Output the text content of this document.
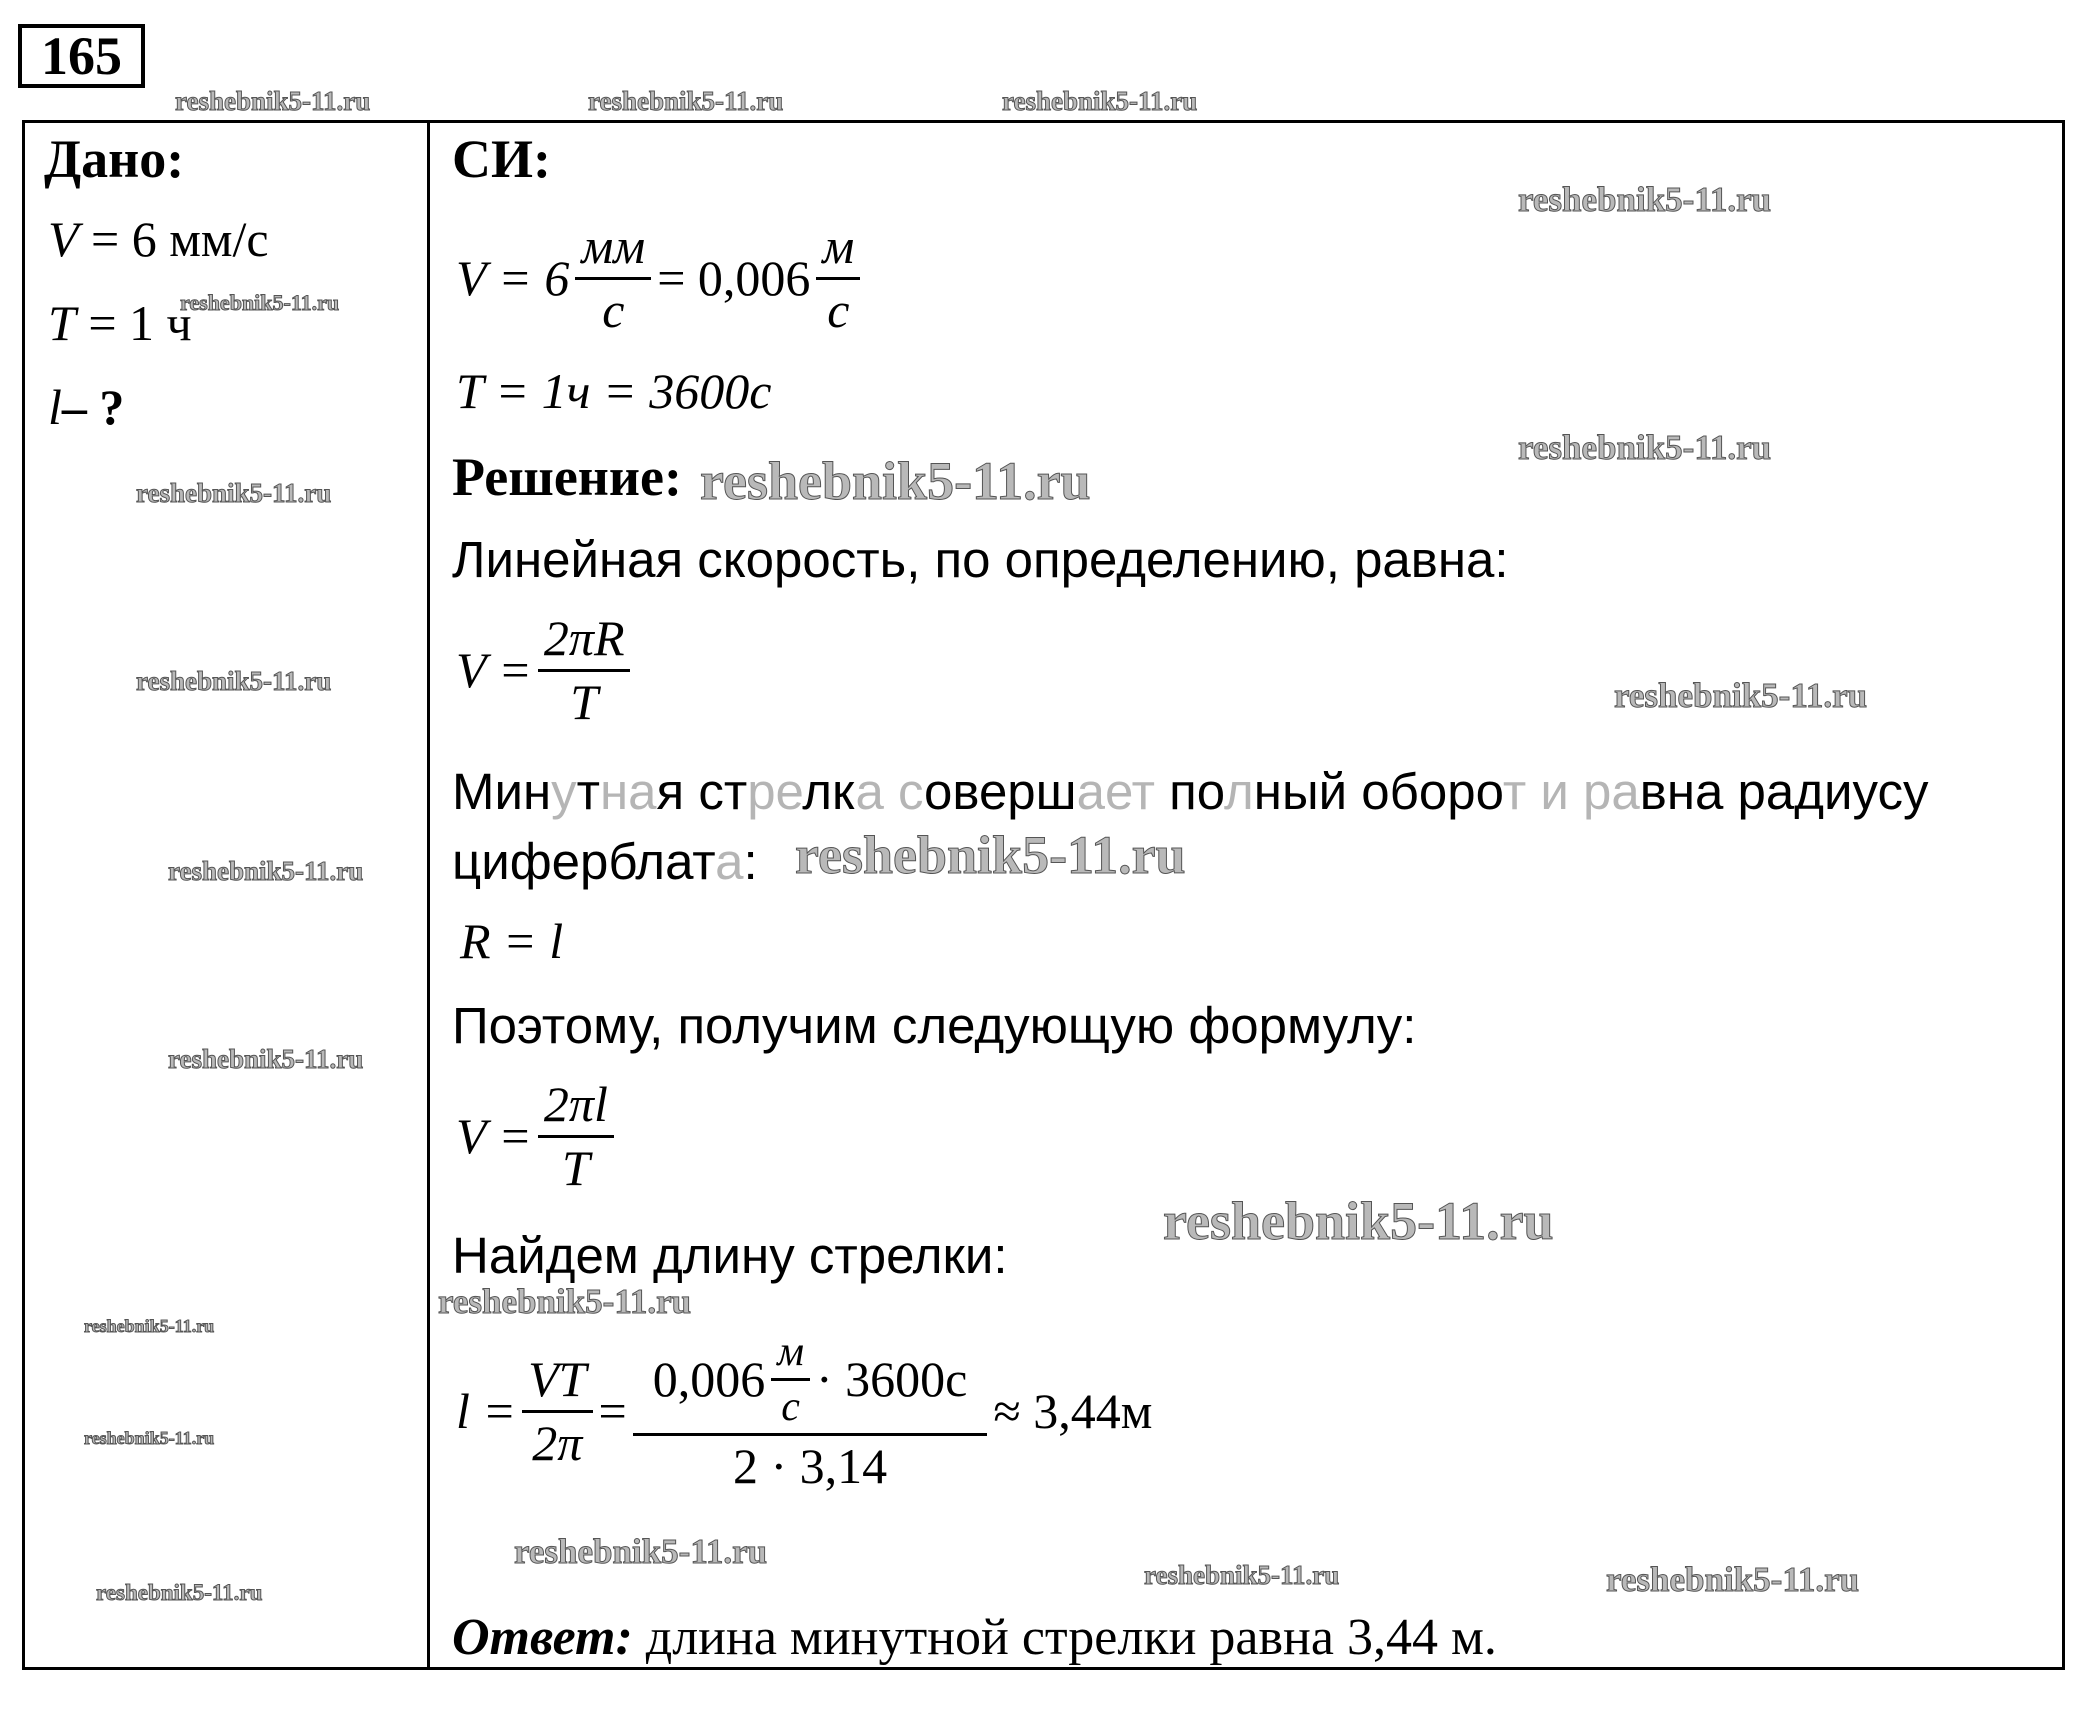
165
Дано:
V = 6 мм/с
T = 1 ч
l– ?
СИ:
$V = 6 \frac{мм}{с} = 0,006 \frac{м}{с}$
T = 1ч = 3600с
Решение:
Линейная скорость, по определению, равна:
$V = \frac{2\pi R}{T}$
Минутная стрелка совершает полный оборот и равна радиусу
циферблата:
R = l
Поэтому, получим следующую формулу:
$V = \frac{2\pi l}{T}$
Найдем длину стрелки:
$l = \frac{VT}{2\pi} = \frac{0,006 \frac{м}{с} \cdot 3600с}{2 \cdot 3,14} \approx 3,44м$
Ответ: длина минутной стрелки равна 3,44 м.
reshebnik5-11.ru	reshebnik5-11.ru	reshebnik5-11.ru
reshebnik5-11.ru
reshebnik5-11.ru
reshebnik5-11.ru
reshebnik5-11.ru
reshebnik5-11.ru
reshebnik5-11.ru	reshebnik5-11.ru
reshebnik5-11.ru
reshebnik5-11.ru
reshebnik5-11.ru
reshebnik5-11.ru
reshebnik5-11.ru
reshebnik5-11.ru
reshebnik5-11.ru
reshebnik5-11.ru
reshebnik5-11.ru
reshebnik5-11.ru	reshebnik5-11.ru
